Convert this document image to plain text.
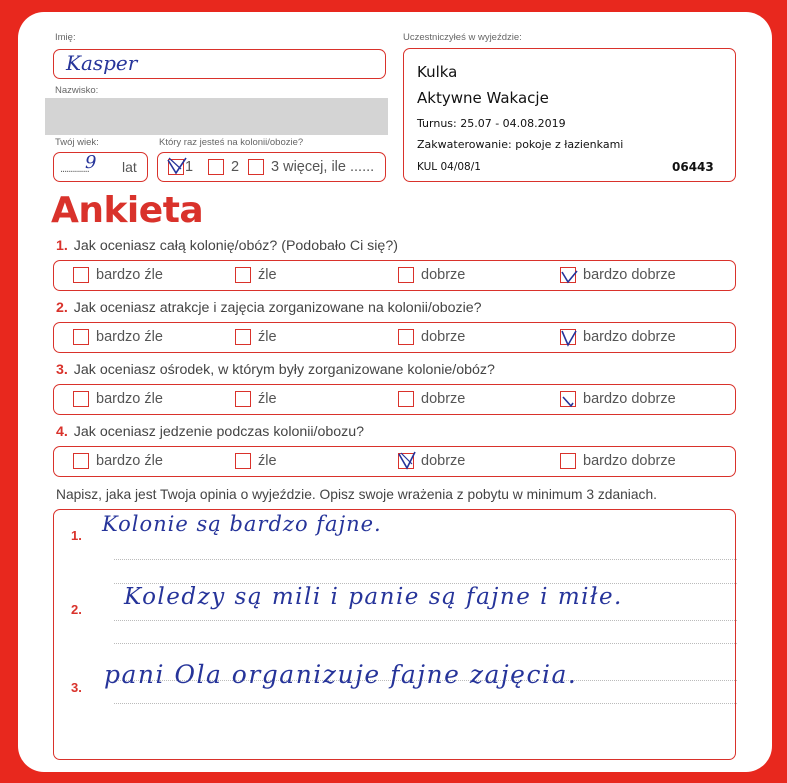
Imię:
Kasper
Nazwisko:
Twój wiek:
..............
9 lat
Który raz jesteś na kolonii/obozie?
1	2 3 więcej, ile ......
Uczestniczyłeś w wyjeździe:
Kulka
Aktywne Wakacje
Turnus: 25.07 - 04.08.2019
Zakwaterowanie: pokoje z łazienkami
KUL 04/08/1	06443
Ankieta
1. Jak oceniasz całą kolonię/obóz? (Podobało Ci się?)
bardzo źle	źle	dobrze	bardzo dobrze
2. Jak oceniasz atrakcje i zajęcia zorganizowane na kolonii/obozie?
bardzo źle	źle	dobrze	bardzo dobrze
3. Jak oceniasz ośrodek, w którym były zorganizowane kolonie/obóz?
bardzo źle	źle	dobrze	bardzo dobrze
4. Jak oceniasz jedzenie podczas kolonii/obozu?
bardzo źle	źle	dobrze	bardzo dobrze
Napisz, jaka jest Twoja opinia o wyjeździe. Opisz swoje wrażenia z pobytu w minimum 3 zdaniach.
1. Kolonie są bardzo fajne.
2. Koledzy są mili i panie są fajne i miłe.
3. pani Ola organizuje fajne zajęcia.
